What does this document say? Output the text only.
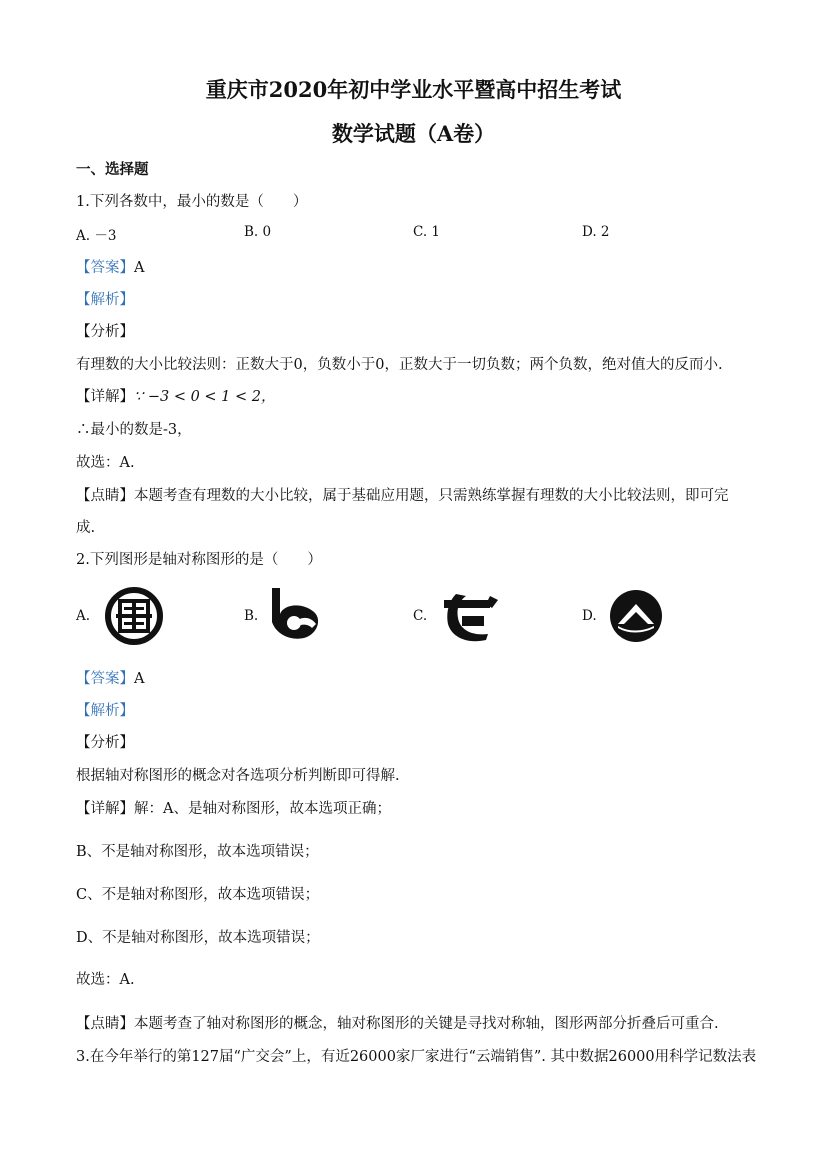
重庆市2020年初中学业水平暨高中招生考试
数学试题（A卷）
一、选择题
1.下列各数中，最小的数是（　　）
A. －3	B. 0	C. 1	D. 2
【答案】A
【解析】
【分析】
有理数的大小比较法则：正数大于0，负数小于0，正数大于一切负数；两个负数，绝对值大的反而小.
【详解】∵ −3 < 0 < 1 < 2，
∴最小的数是-3，
故选：A.
【点睛】本题考查有理数的大小比较，属于基础应用题，只需熟练掌握有理数的大小比较法则，即可完
成.
2.下列图形是轴对称图形的是（　　）
A.	B.	C.	D.
【答案】A
【解析】
【分析】
根据轴对称图形的概念对各选项分析判断即可得解.
【详解】解：A、是轴对称图形，故本选项正确；
B、不是轴对称图形，故本选项错误；
C、不是轴对称图形，故本选项错误；
D、不是轴对称图形，故本选项错误；
故选：A.
【点睛】本题考查了轴对称图形的概念，轴对称图形的关键是寻找对称轴，图形两部分折叠后可重合.
3.在今年举行的第127届“广交会”上，有近26000家厂家进行“云端销售”. 其中数据26000用科学记数法表
